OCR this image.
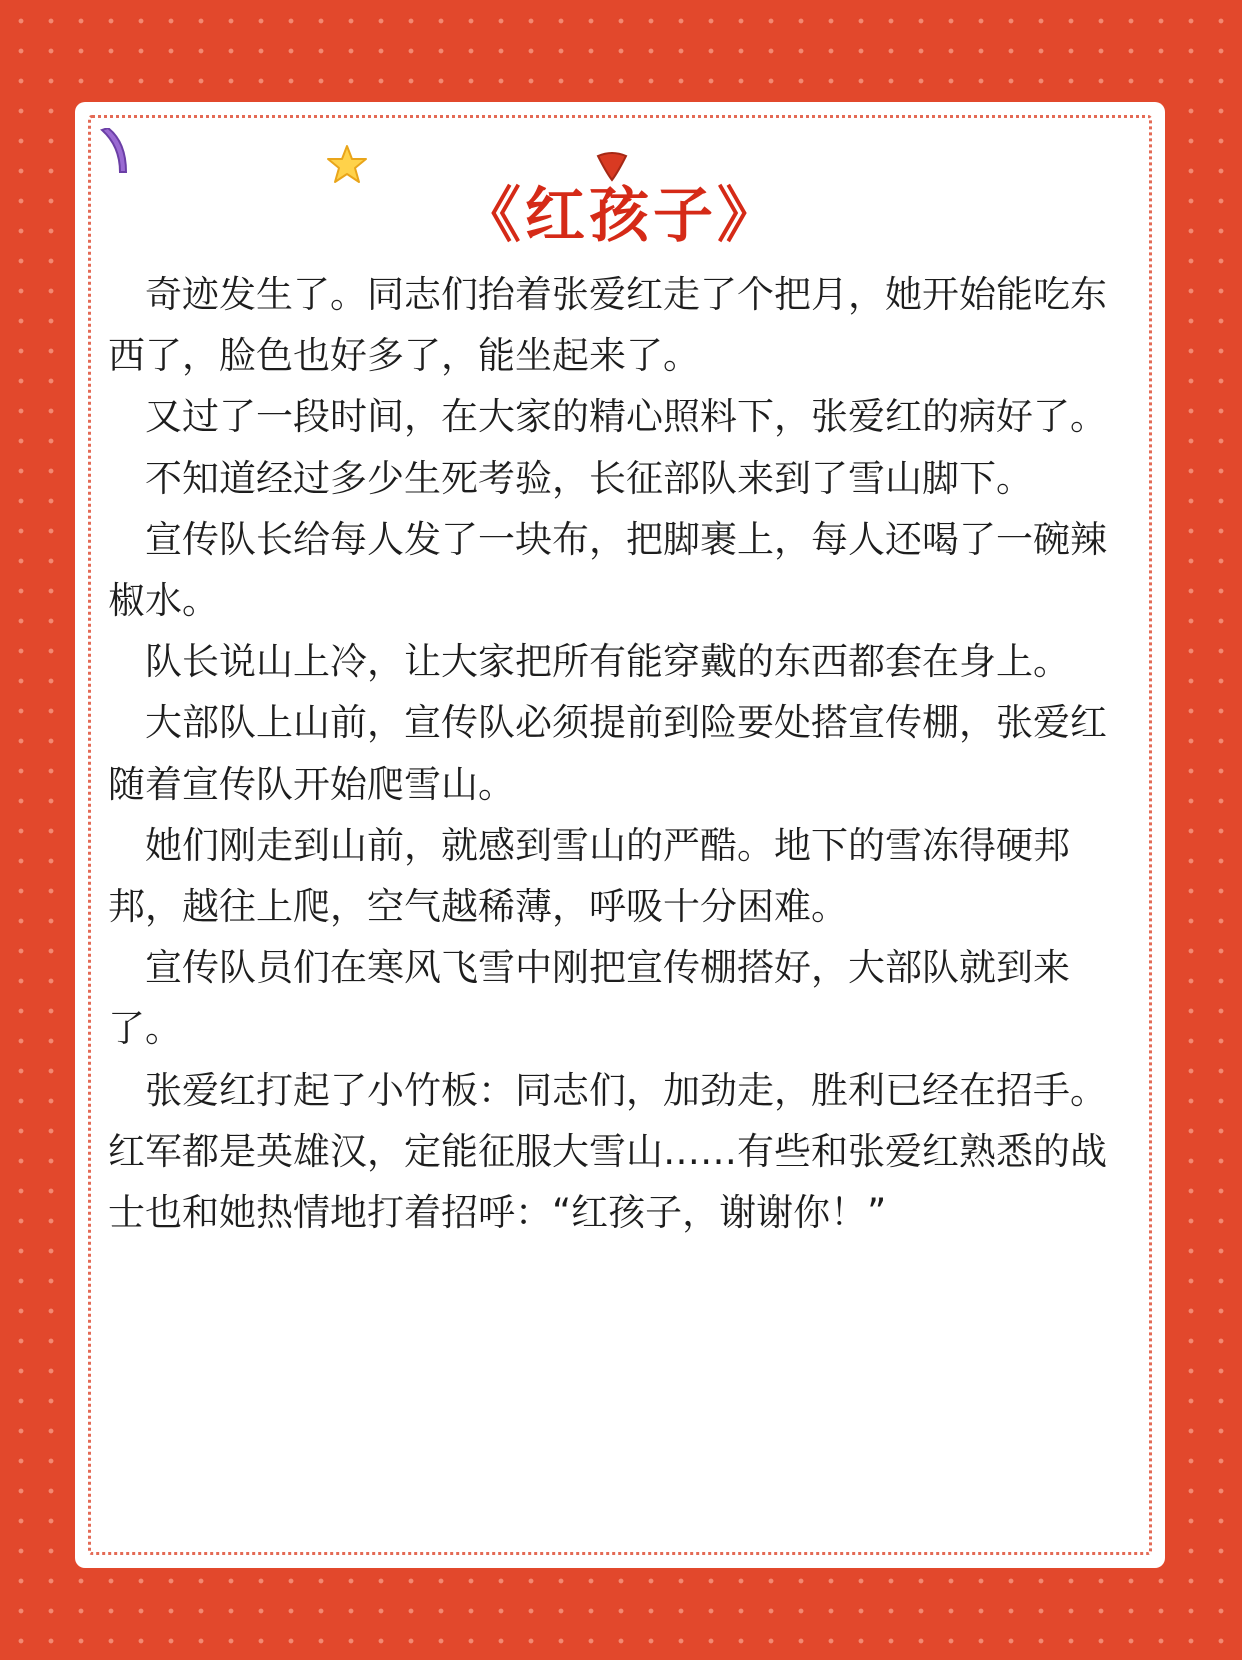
《红孩子》

奇迹发生了。同志们抬着张爱红走了个把月，她开始能吃东西了，脸色也好多了，能坐起来了。

又过了一段时间，在大家的精心照料下，张爱红的病好了。

不知道经过多少生死考验，长征部队来到了雪山脚下。

宣传队长给每人发了一块布，把脚裹上，每人还喝了一碗辣椒水。

队长说山上冷，让大家把所有能穿戴的东西都套在身上。

大部队上山前，宣传队必须提前到险要处搭宣传棚，张爱红随着宣传队开始爬雪山。

她们刚走到山前，就感到雪山的严酷。地下的雪冻得硬邦邦，越往上爬，空气越稀薄，呼吸十分困难。

宣传队员们在寒风飞雪中刚把宣传棚搭好，大部队就到来了。

张爱红打起了小竹板：同志们，加劲走，胜利已经在招手。红军都是英雄汉，定能征服大雪山……有些和张爱红熟悉的战士也和她热情地打着招呼：“红孩子，谢谢你！”
